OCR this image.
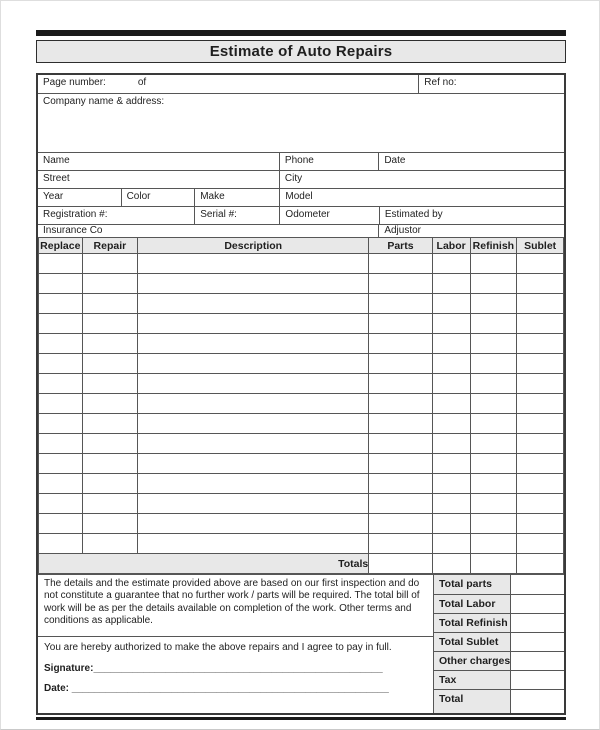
Estimate of Auto Repairs
Page number:	of	Ref no:
Company name & address:
Name	Phone	Date
Street	City
Year	Color	Make	Model
Registration #:	Serial #:	Odometer	Estimated by
Insurance Co	Adjustor
Replace	Repair	Description	Parts	Labor	Refinish	Sublet

Totals						
The details and the estimate provided above are based on our first inspection and do not constitute a guarantee that no further work / parts will be required. The total bill of work will be as per the details available on completion of the work. Other terms and conditions as applicable.
You are hereby authorized to make the above repairs and I agree to pay in full.
Signature:____________________________________________________
Date: _________________________________________________________
Total parts
Total Labor
Total Refinish
Total Sublet
Other charges
Tax
Total
